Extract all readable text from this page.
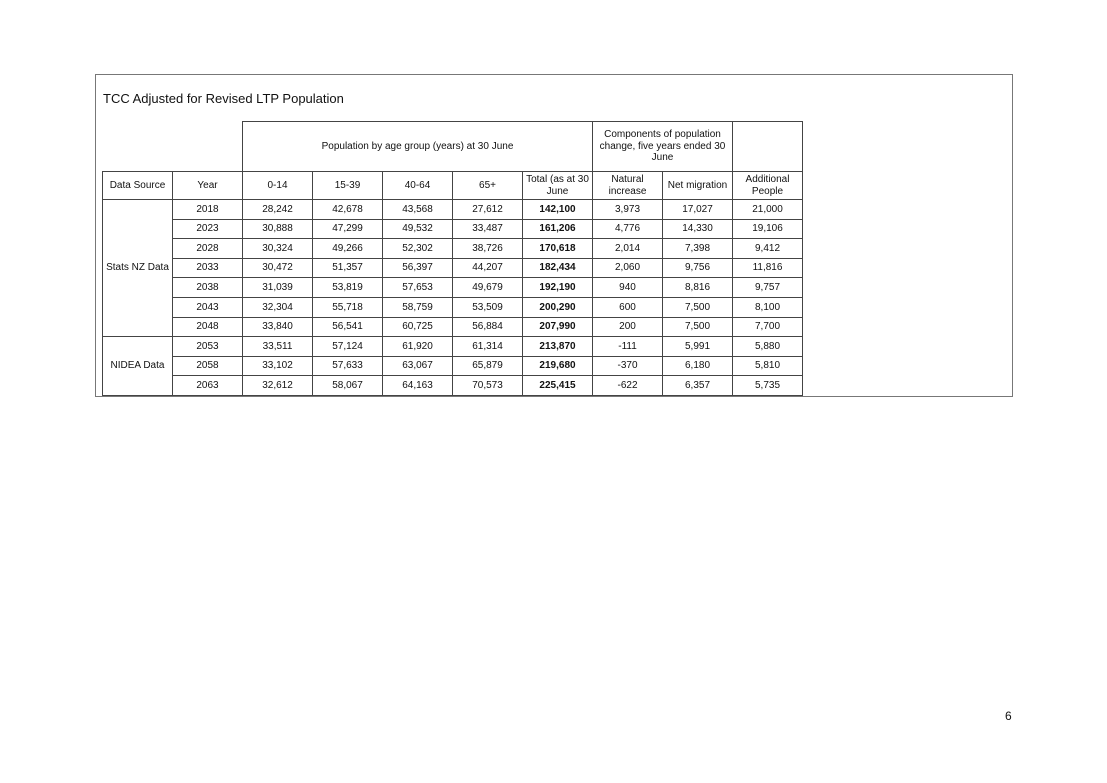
TCC Adjusted for Revised LTP Population
		Population by age group (years) at 30 June					Components of population change, five years ended 30 June		
Data Source	Year	0-14	15-39	40-64	65+	Total (as at 30 June	Natural increase	Net migration	Additional People
Stats NZ Data	2018	28,242	42,678	43,568	27,612	142,100	3,973	17,027	21,000
	2023	30,888	47,299	49,532	33,487	161,206	4,776	14,330	19,106
	2028	30,324	49,266	52,302	38,726	170,618	2,014	7,398	9,412
	2033	30,472	51,357	56,397	44,207	182,434	2,060	9,756	11,816
	2038	31,039	53,819	57,653	49,679	192,190	940	8,816	9,757
	2043	32,304	55,718	58,759	53,509	200,290	600	7,500	8,100
	2048	33,840	56,541	60,725	56,884	207,990	200	7,500	7,700
NIDEA Data	2053	33,511	57,124	61,920	61,314	213,870	-111	5,991	5,880
	2058	33,102	57,633	63,067	65,879	219,680	-370	6,180	5,810
	2063	32,612	58,067	64,163	70,573	225,415	-622	6,357	5,735
6
